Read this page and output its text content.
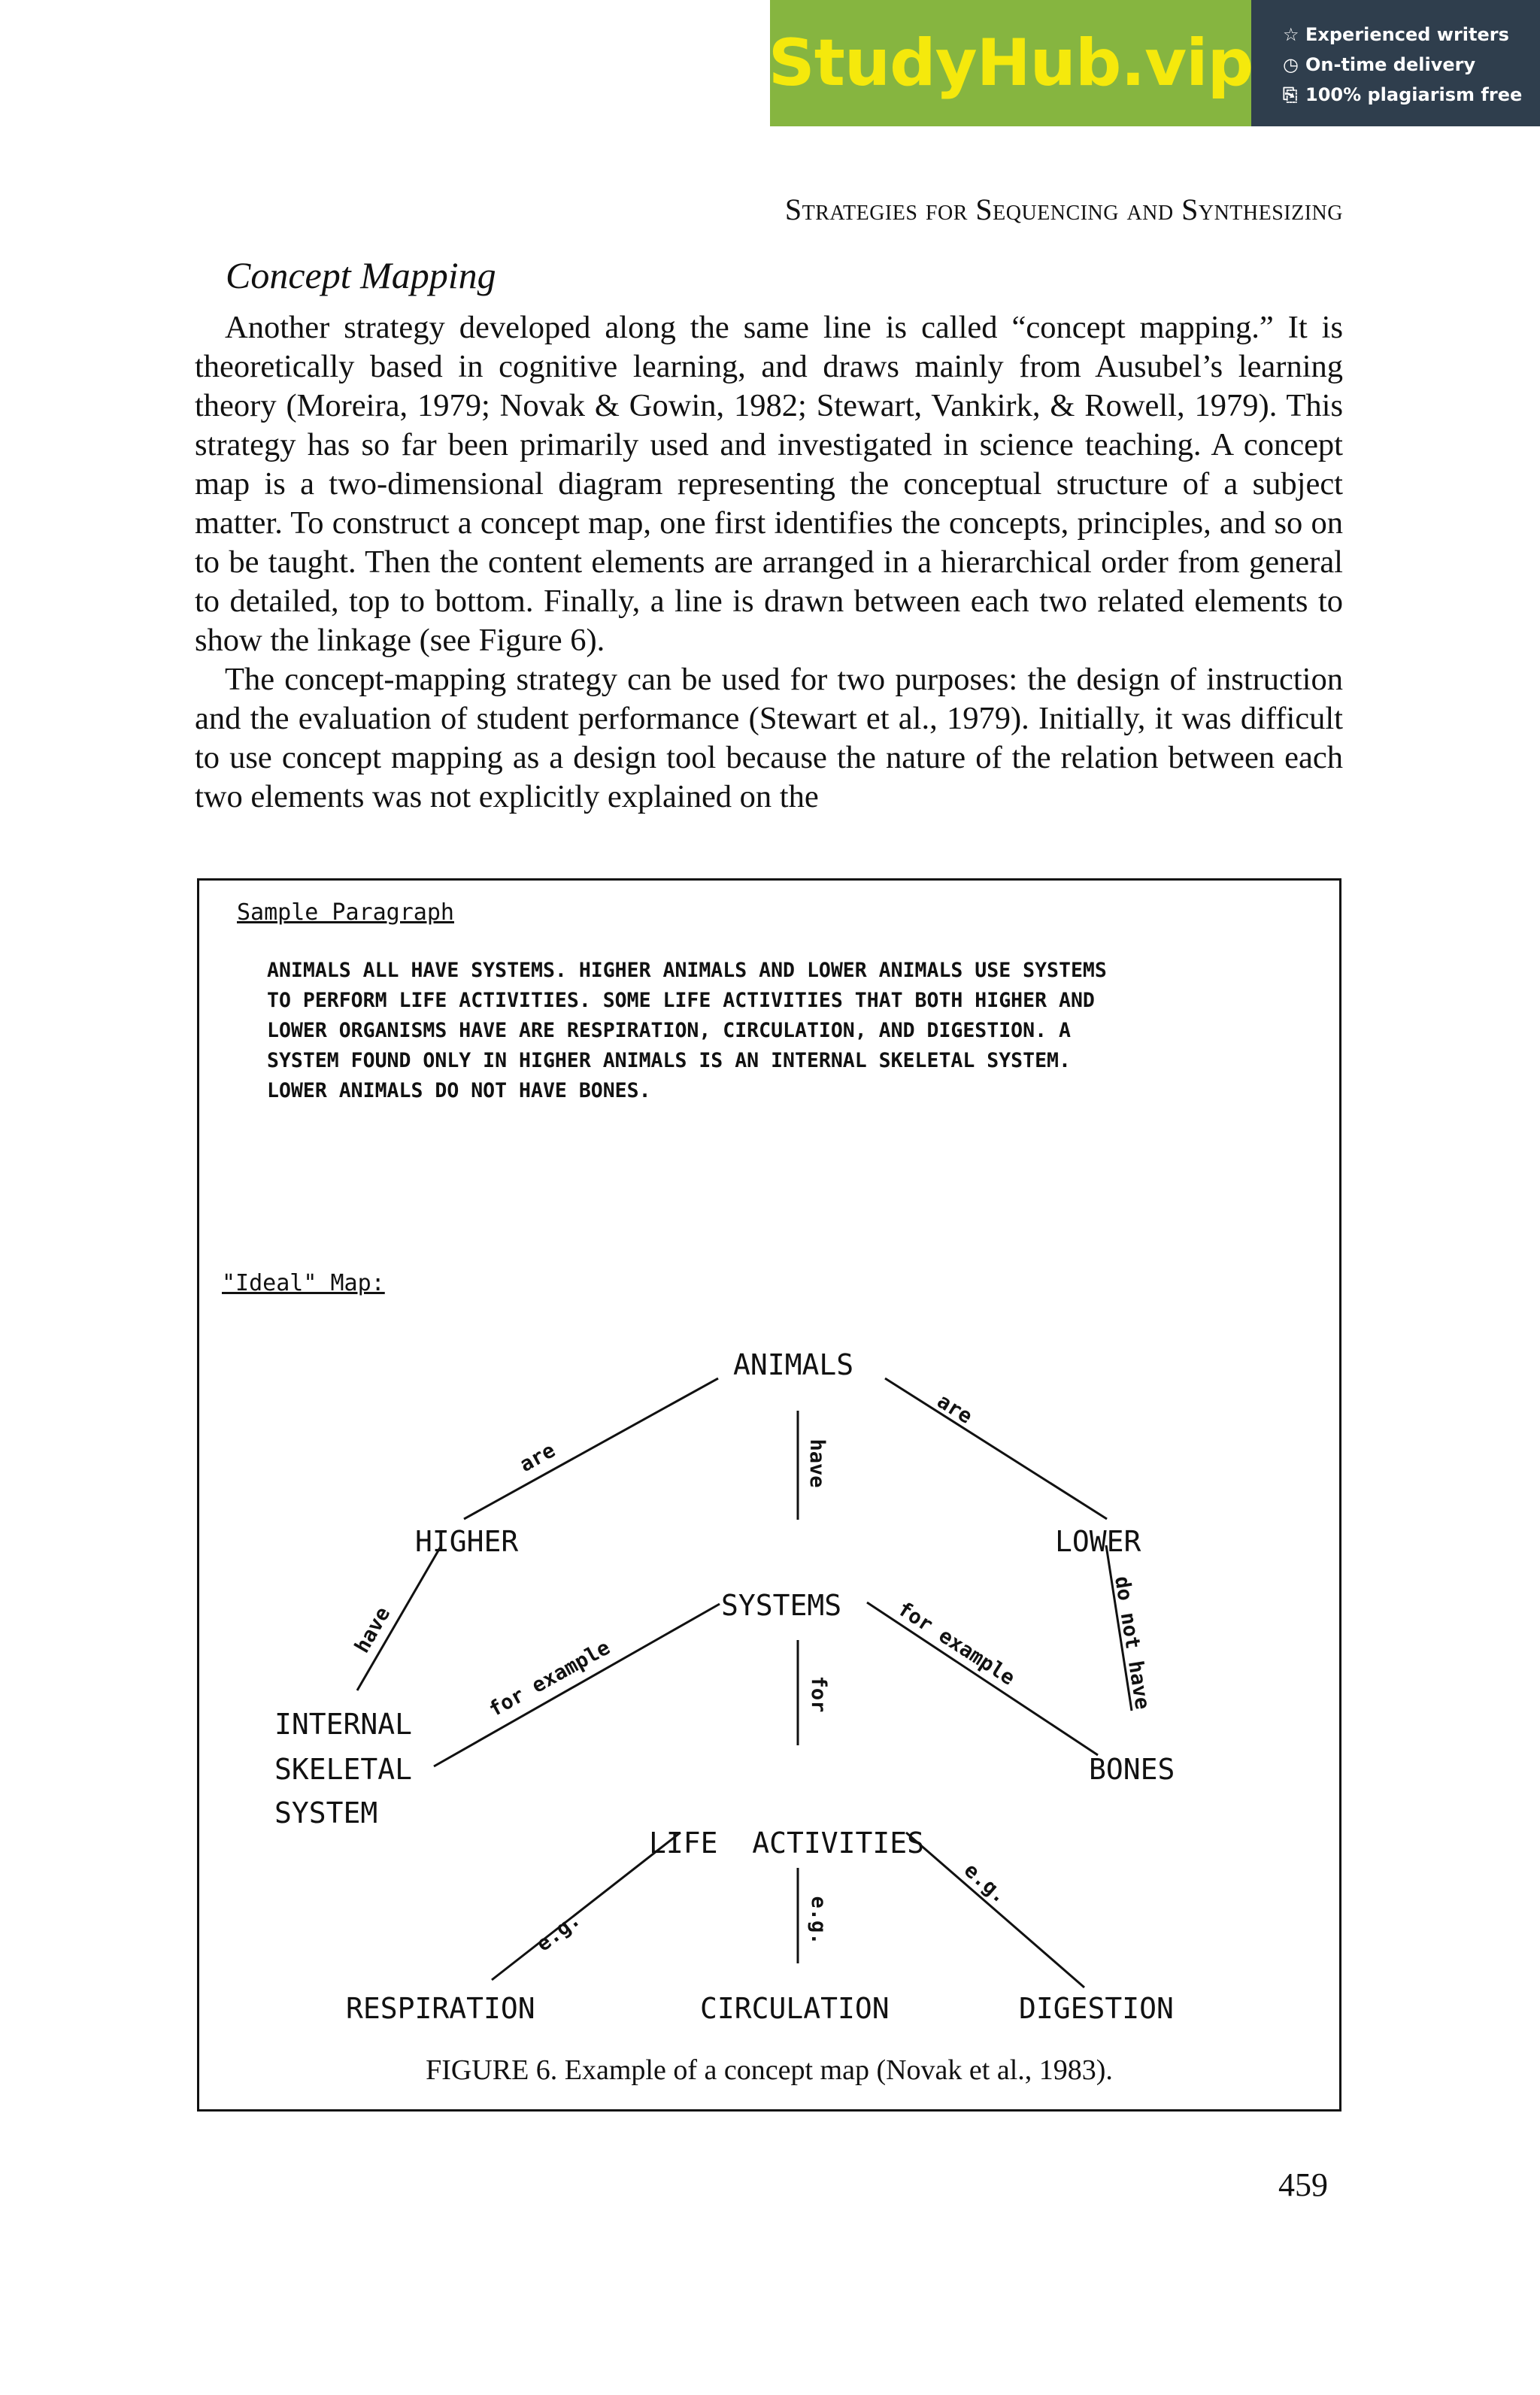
StudyHub.vip ☆ Experienced writers
◷ On-time delivery
⎘ 100% plagiarism free
Strategies for Sequencing and Synthesizing
Concept Mapping

Another strategy developed along the same line is called “concept mapping.” It is theoretically based in cognitive learning, and draws mainly from Ausubel’s learning theory (Moreira, 1979; Novak & Gowin, 1982; Stewart, Vankirk, & Rowell, 1979). This strategy has so far been primarily used and investigated in science teaching. A concept map is a two-dimensional diagram representing the conceptual structure of a subject matter. To construct a concept map, one first identifies the concepts, principles, and so on to be taught. Then the content elements are arranged in a hierarchical order from general to detailed, top to bottom. Finally, a line is drawn between each two related elements to show the linkage (see Figure 6).

The concept-mapping strategy can be used for two purposes: the design of instruction and the evaluation of student performance (Stewart et al., 1979). Initially, it was difficult to use concept mapping as a design tool because the nature of the relation between each two elements was not explicitly explained on the

Sample Paragraph
ANIMALS ALL HAVE SYSTEMS. HIGHER ANIMALS AND LOWER ANIMALS USE SYSTEMS
TO PERFORM LIFE ACTIVITIES. SOME LIFE ACTIVITIES THAT BOTH HIGHER AND
LOWER ORGANISMS HAVE ARE RESPIRATION, CIRCULATION, AND DIGESTION. A
SYSTEM FOUND ONLY IN HIGHER ANIMALS IS AN INTERNAL SKELETAL SYSTEM.
LOWER ANIMALS DO NOT HAVE BONES.
"Ideal" Map:
ANIMALS
HIGHER	LOWER
SYSTEMS
INTERNAL
SKELETAL
SYSTEM
BONES
LIFE  ACTIVITIES
RESPIRATION	CIRCULATION	DIGESTION
are
are
have
have	do not have
for example	for example
for
e.g.	e.g.
e.g.
FIGURE 6. Example of a concept map (Novak et al., 1983).
459
